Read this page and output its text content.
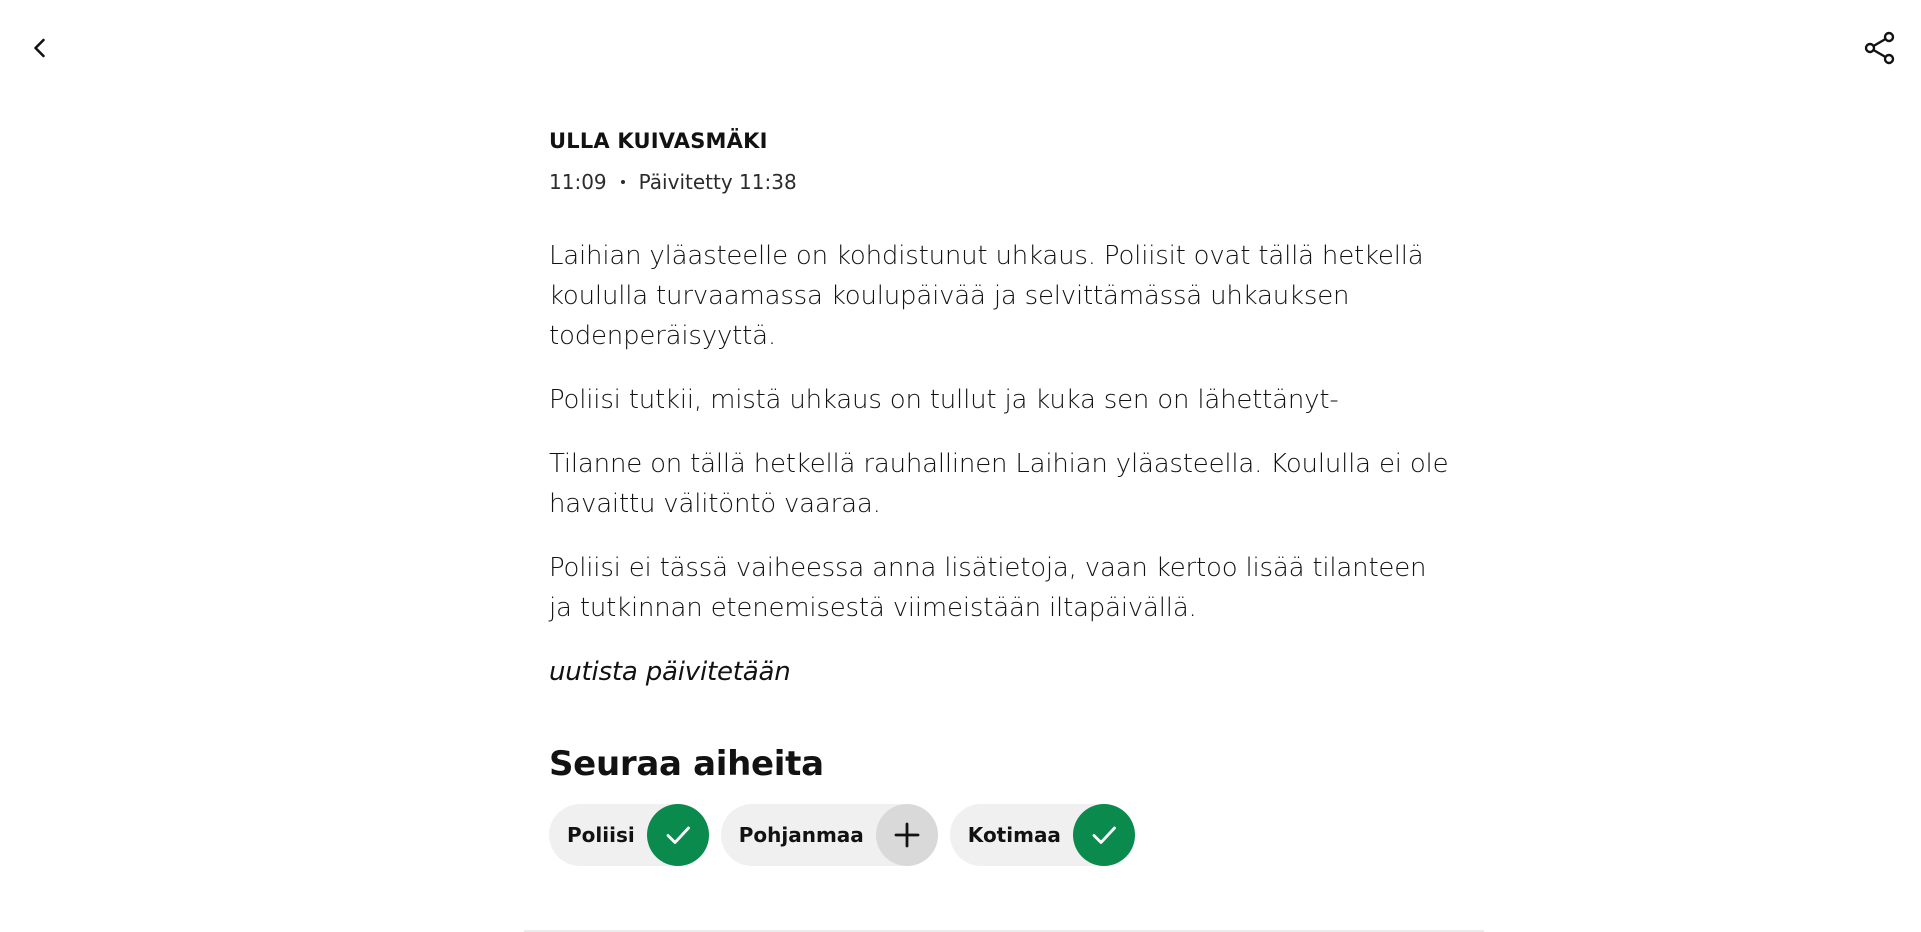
ULLA KUIVASMÄKI
11:09 Päivitetty 11:38

Laihian yläasteelle on kohdistunut uhkaus. Poliisit ovat tällä hetkellä koululla turvaamassa koulupäivää ja selvittämässä uhkauksen todenperäisyyttä.

Poliisi tutkii, mistä uhkaus on tullut ja kuka sen on lähettänyt-

Tilanne on tällä hetkellä rauhallinen Laihian yläasteella. Koululla ei ole havaittu välitöntö vaaraa.

Poliisi ei tässä vaiheessa anna lisätietoja, vaan kertoo lisää tilanteen ja tutkinnan etenemisestä viimeistään iltapäivällä.

uutista päivitetään

Seuraa aiheita
Poliisi	Pohjanmaa	Kotimaa
